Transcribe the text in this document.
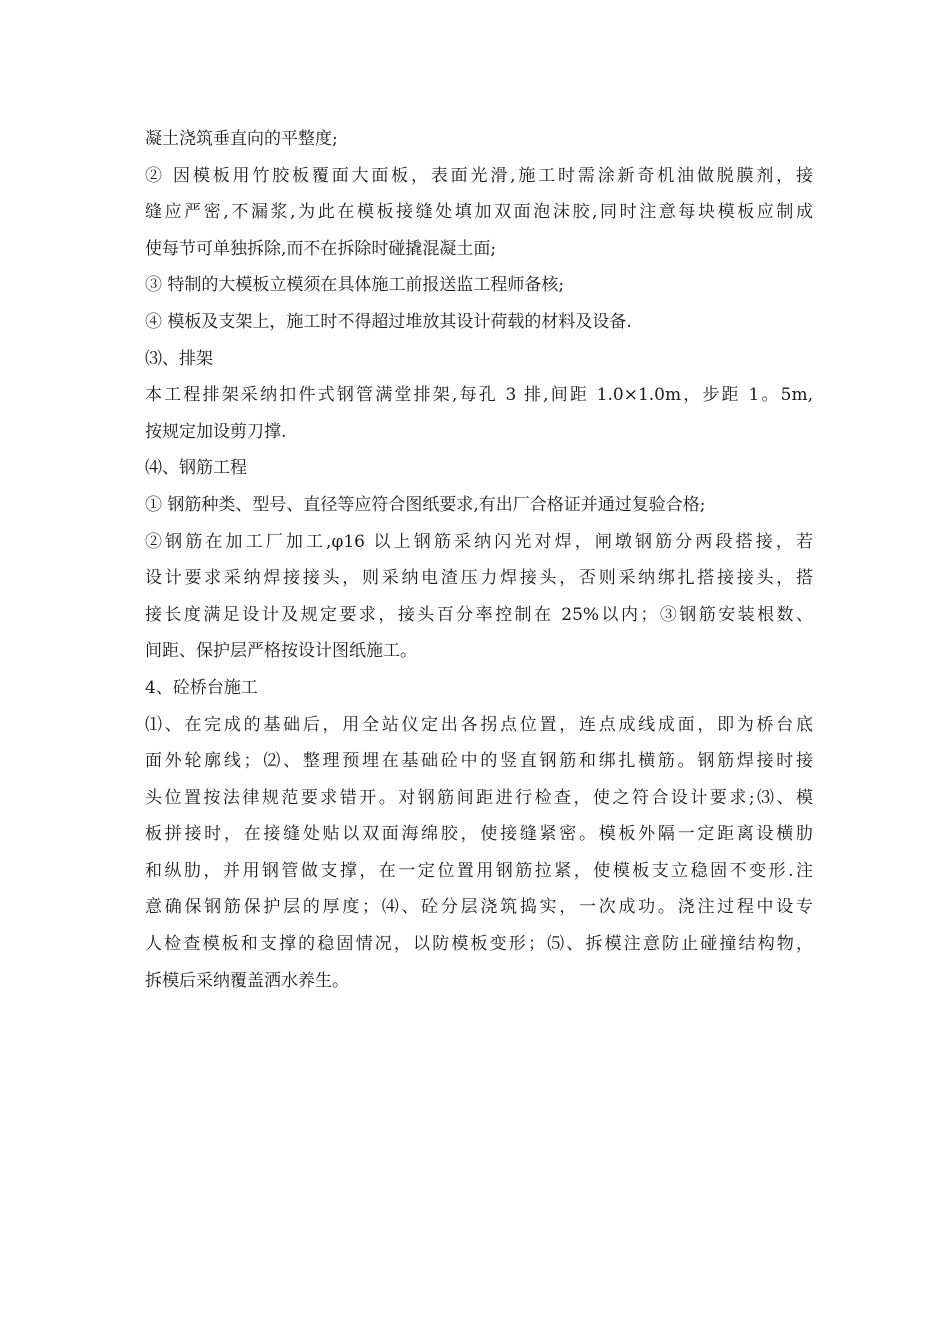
凝土浇筑垂直向的平整度;
② 因模板用竹胶板覆面大面板，表面光滑,施工时需涂新奇机油做脱膜剂，接
缝应严密,不漏浆,为此在模板接缝处填加双面泡沫胶,同时注意每块模板应制成
使每节可单独拆除,而不在拆除时碰撬混凝土面;
③ 特制的大模板立模须在具体施工前报送监工程师备核;
④ 模板及支架上，施工时不得超过堆放其设计荷载的材料及设备.
⑶、排架
本工程排架采纳扣件式钢管满堂排架,每孔 3 排,间距 1.0×1.0m，步距 1。5m,
按规定加设剪刀撑.
⑷、钢筋工程
① 钢筋种类、型号、直径等应符合图纸要求,有出厂合格证并通过复验合格;
②钢筋在加工厂加工,φ16 以上钢筋采纳闪光对焊，闸墩钢筋分两段搭接，若
设计要求采纳焊接接头，则采纳电渣压力焊接头，否则采纳绑扎搭接接头，搭
接长度满足设计及规定要求，接头百分率控制在 25%以内；③钢筋安装根数、
间距、保护层严格按设计图纸施工。
4、砼桥台施工
⑴、在完成的基础后，用全站仪定出各拐点位置，连点成线成面，即为桥台底
面外轮廓线；⑵、整理预埋在基础砼中的竖直钢筋和绑扎横筋。钢筋焊接时接
头位置按法律规范要求错开。对钢筋间距进行检查，使之符合设计要求;⑶、模
板拼接时，在接缝处贴以双面海绵胶，使接缝紧密。模板外隔一定距离设横肋
和纵肋，并用钢管做支撑，在一定位置用钢筋拉紧，使模板支立稳固不变形.注
意确保钢筋保护层的厚度；⑷、砼分层浇筑捣实，一次成功。浇注过程中设专
人检查模板和支撑的稳固情况，以防模板变形；⑸、拆模注意防止碰撞结构物，
拆模后采纳覆盖洒水养生。
